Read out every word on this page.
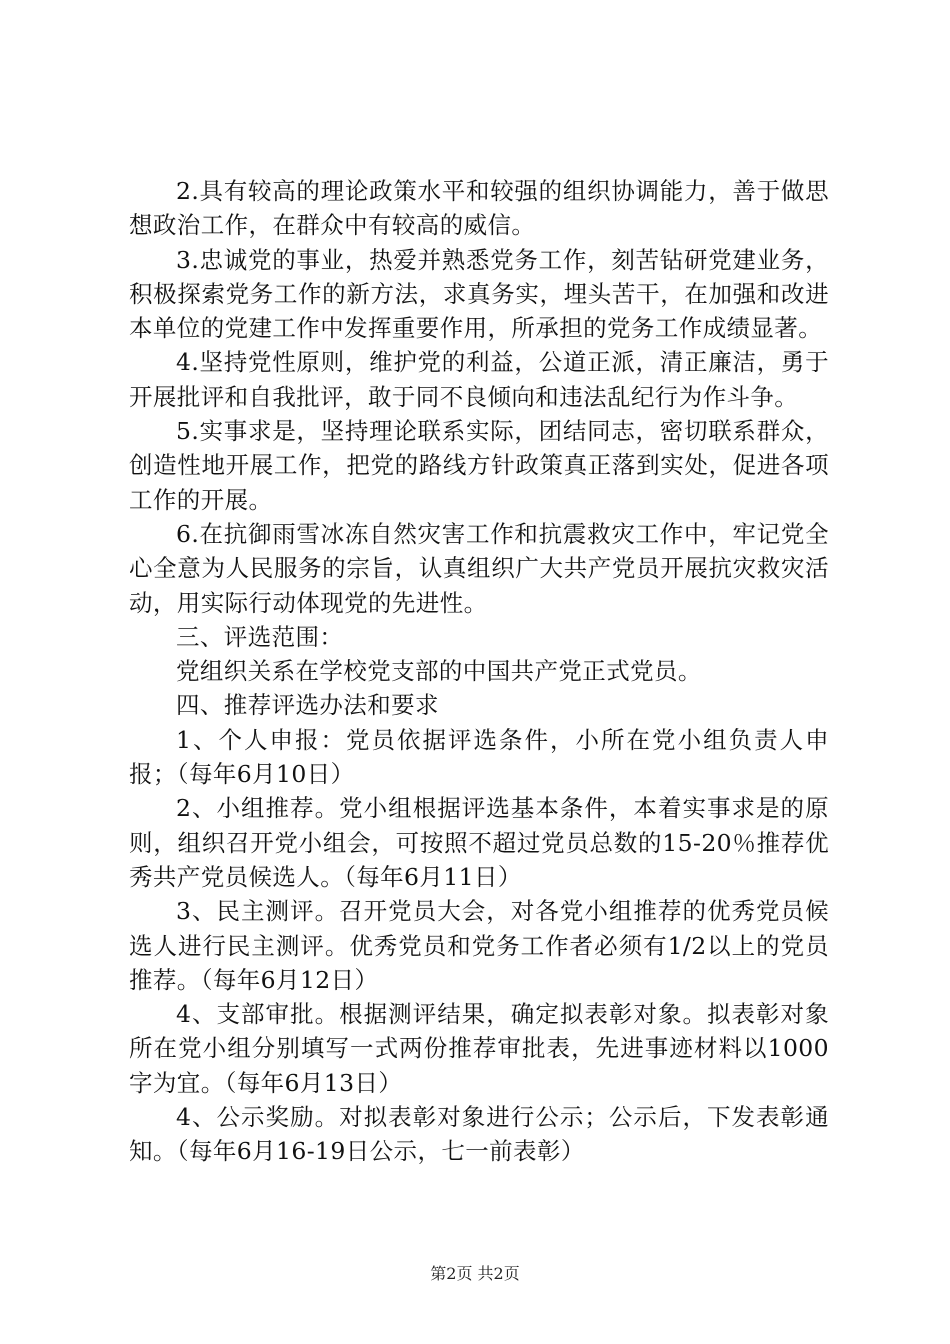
2.具有较高的理论政策水平和较强的组织协调能力，善于做思想政治工作，在群众中有较高的威信。

3.忠诚党的事业，热爱并熟悉党务工作，刻苦钻研党建业务，积极探索党务工作的新方法，求真务实，埋头苦干，在加强和改进本单位的党建工作中发挥重要作用，所承担的党务工作成绩显著。

4.坚持党性原则，维护党的利益，公道正派，清正廉洁，勇于开展批评和自我批评，敢于同不良倾向和违法乱纪行为作斗争。

5.实事求是，坚持理论联系实际，团结同志，密切联系群众，创造性地开展工作，把党的路线方针政策真正落到实处，促进各项工作的开展。

6.在抗御雨雪冰冻自然灾害工作和抗震救灾工作中，牢记党全心全意为人民服务的宗旨，认真组织广大共产党员开展抗灾救灾活动，用实际行动体现党的先进性。

三、评选范围：

党组织关系在学校党支部的中国共产党正式党员。

四、推荐评选办法和要求

1、个人申报：党员依据评选条件，小所在党小组负责人申报；（每年6月10日）

2、小组推荐。党小组根据评选基本条件，本着实事求是的原则，组织召开党小组会，可按照不超过党员总数的15-20％推荐优秀共产党员候选人。（每年6月11日）

3、民主测评。召开党员大会，对各党小组推荐的优秀党员候选人进行民主测评。优秀党员和党务工作者必须有1/2以上的党员推荐。（每年6月12日）

4、支部审批。根据测评结果，确定拟表彰对象。拟表彰对象所在党小组分别填写一式两份推荐审批表，先进事迹材料以1000字为宜。（每年6月13日）

4、公示奖励。对拟表彰对象进行公示；公示后，下发表彰通知。（每年6月16-19日公示，七一前表彰）

第2页 共2页
